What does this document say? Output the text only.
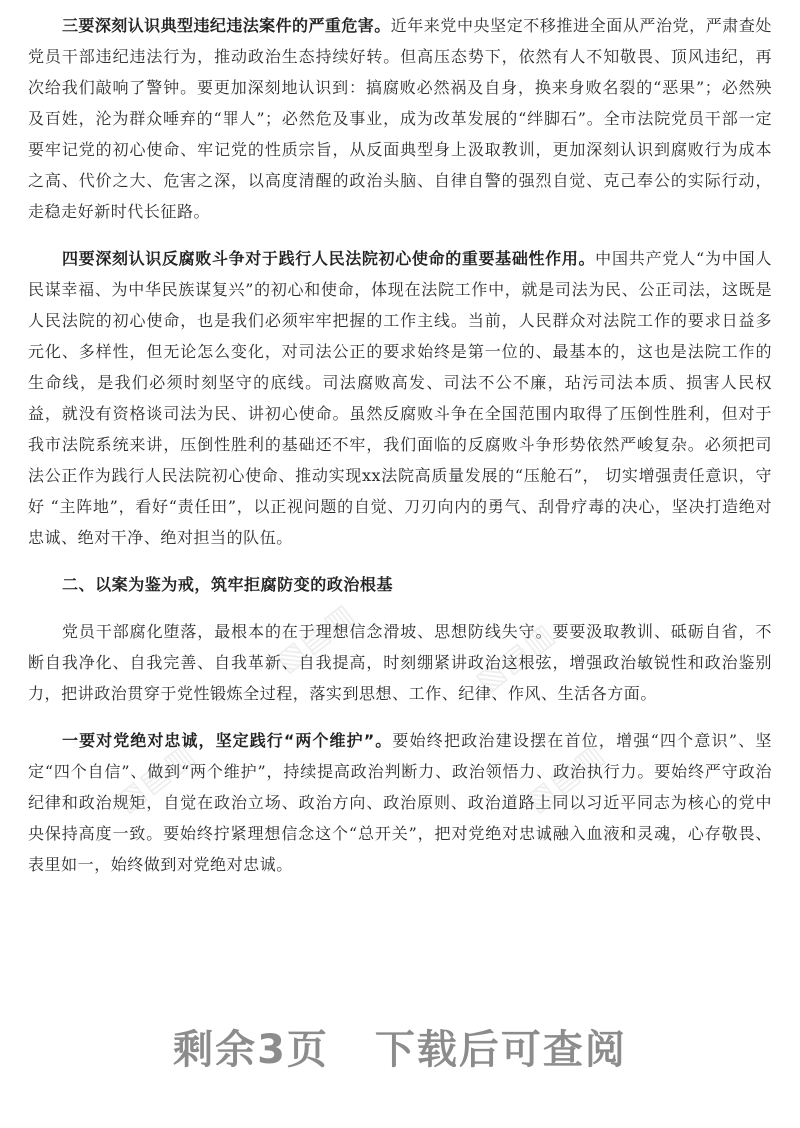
▧▤▥	▧▤▥
▧▤▥	▧▤▥

三要深刻认识典型违纪违法案件的严重危害。近年来党中央坚定不移推进全面从严治党，严肃查处党员干部违纪违法行为，推动政治生态持续好转。但高压态势下，依然有人不知敬畏、顶风违纪，再次给我们敲响了警钟。要更加深刻地认识到：搞腐败必然祸及自身，换来身败名裂的“恶果”；必然殃及百姓，沦为群众唾弃的“罪人”；必然危及事业，成为改革发展的“绊脚石”。全市法院党员干部一定要牢记党的初心使命、牢记党的性质宗旨，从反面典型身上汲取教训，更加深刻认识到腐败行为成本之高、代价之大、危害之深，以高度清醒的政治头脑、自律自警的强烈自觉、克己奉公的实际行动，走稳走好新时代长征路。

四要深刻认识反腐败斗争对于践行人民法院初心使命的重要基础性作用。中国共产党人“为中国人民谋幸福、为中华民族谋复兴”的初心和使命，体现在法院工作中，就是司法为民、公正司法，这既是人民法院的初心使命，也是我们必须牢牢把握的工作主线。当前，人民群众对法院工作的要求日益多元化、多样性，但无论怎么变化，对司法公正的要求始终是第一位的、最基本的，这也是法院工作的生命线，是我们必须时刻坚守的底线。司法腐败高发、司法不公不廉，玷污司法本质、损害人民权益，就没有资格谈司法为民、讲初心使命。虽然反腐败斗争在全国范围内取得了压倒性胜利，但对于我市法院系统来讲，压倒性胜利的基础还不牢，我们面临的反腐败斗争形势依然严峻复杂。必须把司法公正作为践行人民法院初心使命、推动实现xx法院高质量发展的“压舱石”， 切实增强责任意识，守好 “主阵地”，看好“责任田”，以正视问题的自觉、刀刃向内的勇气、刮骨疗毒的决心，坚决打造绝对忠诚、绝对干净、绝对担当的队伍。

二、以案为鉴为戒，筑牢拒腐防变的政治根基

党员干部腐化堕落，最根本的在于理想信念滑坡、思想防线失守。要要汲取教训、砥砺自省，不断自我净化、自我完善、自我革新、自我提高，时刻绷紧讲政治这根弦，增强政治敏锐性和政治鉴别力，把讲政治贯穿于党性锻炼全过程，落实到思想、工作、纪律、作风、生活各方面。

一要对党绝对忠诚，坚定践行“两个维护”。要始终把政治建设摆在首位，增强“四个意识”、坚定“四个自信”、做到“两个维护”，持续提高政治判断力、政治领悟力、政治执行力。要始终严守政治纪律和政治规矩，自觉在政治立场、政治方向、政治原则、政治道路上同以习近平同志为核心的党中央保持高度一致。要始终拧紧理想信念这个“总开关”，把对党绝对忠诚融入血液和灵魂，心存敬畏、表里如一，始终做到对党绝对忠诚。

剩余3页 下载后可查阅
